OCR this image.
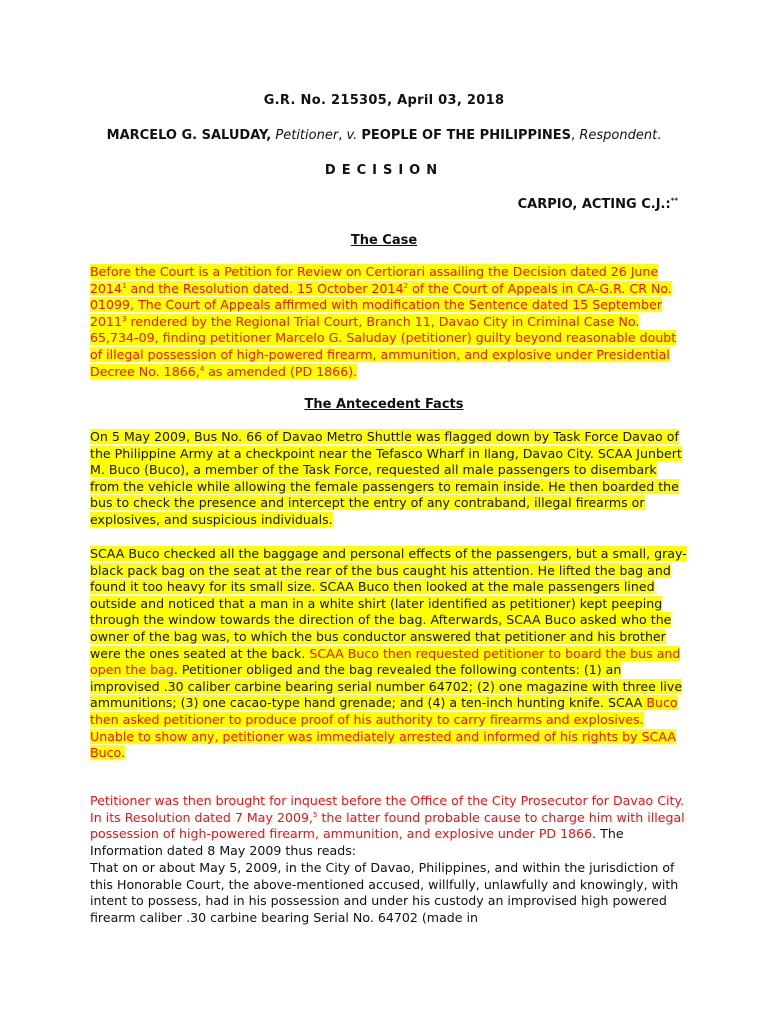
G.R. No. 215305, April 03, 2018
MARCELO G. SALUDAY, Petitioner, v. PEOPLE OF THE PHILIPPINES, Respondent.
DECISION
CARPIO, ACTING C.J.:**
The Case

Before the Court is a Petition for Review on Certiorari assailing the Decision dated 26 June 2014$^1$ and the Resolution dated. 15 October 2014$^2$ of the Court of Appeals in CA-G.R. CR No. 01099, The Court of Appeals affirmed with modification the Sentence dated 15 September 2011$^3$ rendered by the Regional Trial Court, Branch 11, Davao City in Criminal Case No. 65,734-09, finding petitioner Marcelo G. Saluday (petitioner) guilty beyond reasonable doubt of illegal possession of high-powered firearm, ammunition, and explosive under Presidential Decree No. 1866,$^4$ as amended (PD 1866).

The Antecedent Facts

On 5 May 2009, Bus No. 66 of Davao Metro Shuttle was flagged down by Task Force Davao of the Philippine Army at a checkpoint near the Tefasco Wharf in Ilang, Davao City. SCAA Junbert M. Buco (Buco), a member of the Task Force, requested all male passengers to disembark from the vehicle while allowing the female passengers to remain inside. He then boarded the bus to check the presence and intercept the entry of any contraband, illegal firearms or explosives, and suspicious individuals.

SCAA Buco checked all the baggage and personal effects of the passengers, but a small, gray-black pack bag on the seat at the rear of the bus caught his attention. He lifted the bag and found it too heavy for its small size. SCAA Buco then looked at the male passengers lined outside and noticed that a man in a white shirt (later identified as petitioner) kept peeping through the window towards the direction of the bag. Afterwards, SCAA Buco asked who the owner of the bag was, to which the bus conductor answered that petitioner and his brother were the ones seated at the back. SCAA Buco then requested petitioner to board the bus and open the bag. Petitioner obliged and the bag revealed the following contents: (1) an improvised .30 caliber carbine bearing serial number 64702; (2) one magazine with three live ammunitions; (3) one cacao-type hand grenade; and (4) a ten-inch hunting knife. SCAA Buco then asked petitioner to produce proof of his authority to carry firearms and explosives. Unable to show any, petitioner was immediately arrested and informed of his rights by SCAA Buco.

Petitioner was then brought for inquest before the Office of the City Prosecutor for Davao City. In its Resolution dated 7 May 2009,$^5$ the latter found probable cause to charge him with illegal possession of high-powered firearm, ammunition, and explosive under PD 1866. The Information dated 8 May 2009 thus reads:

That on or about May 5, 2009, in the City of Davao, Philippines, and within the jurisdiction of this Honorable Court, the above-mentioned accused, willfully, unlawfully and knowingly, with intent to possess, had in his possession and under his custody an improvised high powered firearm caliber .30 carbine bearing Serial No. 64702 (made in
